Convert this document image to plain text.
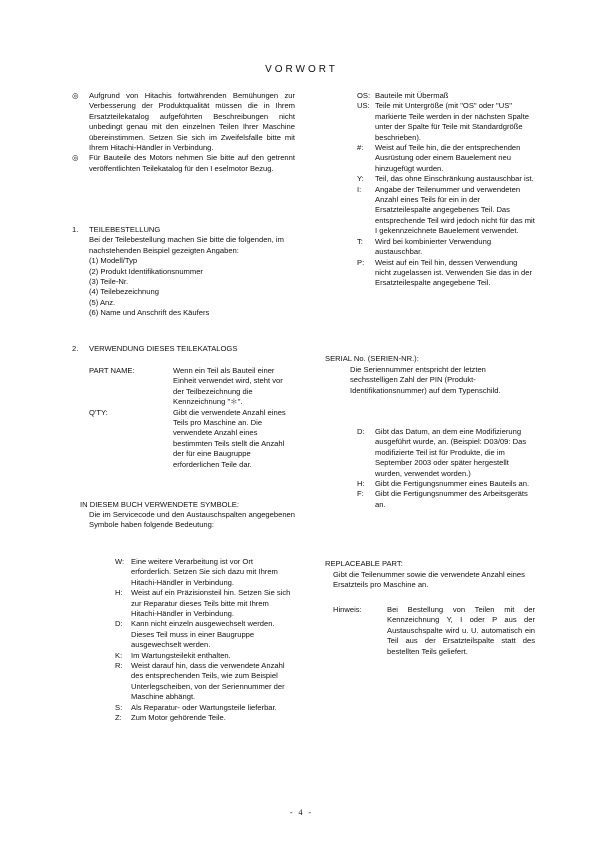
VORWORT
◎	Aufgrund von Hitachis fortwährenden Bemühungen zur Verbesserung der Produktqualität müssen die in Ihrem Ersatzteilekatalog aufgeführten Beschreibungen nicht unbedingt genau mit den einzelnen Teilen Ihrer Maschine übereinstimmen. Setzen Sie sich im Zweifelsfalle bitte mit Ihrem Hitachi-Händler in Verbindung.
◎	Für Bauteile des Motors nehmen Sie bitte auf den getrennt veröffentlichten Teilekatalog für den I eselmotor Bezug.
1.	TEILEBESTELLUNG
Bei der Teilebestellung machen Sie bitte die folgenden, im nachstehenden Beispiel gezeigten Angaben:
(1) Modell/Typ
(2) Produkt Identifikationsnummer
(3) Teile-Nr.
(4) Teilebezeichnung
(5) Anz.
(6) Name und Anschrift des Käufers
2.	VERWENDUNG DIESES TEILEKATALOGS
PART NAME:	Wenn ein Teil als Bauteil einer Einheit verwendet wird, steht vor der Teilbezeichnung die Kennzeichnung "＊".
Q'TY:	Gibt die verwendete Anzahl eines Teils pro Maschine an. Die verwendete Anzahl eines bestimmten Teils stellt die Anzahl der für eine Baugruppe erforderlichen Teile dar.
IN DIESEM BUCH VERWENDETE SYMBOLE:
Die im Servicecode und den Austauschspalten angegebenen Symbole haben folgende Bedeutung:
W: Eine weitere Verarbeitung ist vor Ort erforderlich. Setzen Sie sich dazu mit Ihrem Hitachi-Händler in Verbindung.
H:	Weist auf ein Präzisionsteil hin. Setzen Sie sich zur Reparatur dieses Teils bitte mit Ihrem Hitachi-Händler in Verbindung.
D:	Kann nicht einzeln ausgewechselt werden. Dieses Teil muss in einer Baugruppe ausgewechselt werden.
K:	Im Wartungsteilekit enthalten.
R:	Weist darauf hin, dass die verwendete Anzahl des entsprechenden Teils, wie zum Beispiel Unterlegscheiben, von der Seriennummer der Maschine abhängt.
S:	Als Reparatur- oder Wartungsteile lieferbar.
Z:	Zum Motor gehörende Teile.
OS: Bauteile mit Übermaß
US: Teile mit Untergröße (mit "OS" oder "US" markierte Teile werden in der nächsten Spalte unter der Spalte für Teile mit Standardgröße beschrieben).
#:	Weist auf Teile hin, die der entsprechenden Ausrüstung oder einem Bauelement neu hinzugefügt wurden.
Y:	Teil, das ohne Einschränkung austauschbar ist.
I:	Angabe der Teilenummer und verwendeten Anzahl eines Teils für ein in der Ersatzteilespalte angegebenes Teil. Das entsprechende Teil wird jedoch nicht für das mit I gekennzeichnete Bauelement verwendet.
T:	Wird bei kombinierter Verwendung austauschbar.
P:	Weist auf ein Teil hin, dessen Verwendung nicht zugelassen ist. Verwenden Sie das in der Ersatzteilespalte angegebene Teil.
SERIAL No. (SERIEN-NR.):
Die Seriennummer entspricht der letzten sechsstelligen Zahl der PIN (Produkt-Identifikationsnummer) auf dem Typenschild.
D:	Gibt das Datum, an dem eine Modifizierung ausgeführt wurde, an. (Beispiel: D03/09: Das modifizierte Teil ist für Produkte, die im September 2003 oder später hergestellt wurden, verwendet worden.)
H:	Gibt die Fertigungsnummer eines Bauteils an.
F:	Gibt die Fertigungsnummer des Arbeitsgeräts an.
REPLACEABLE PART:
Gibt die Teilenummer sowie die verwendete Anzahl eines Ersatzteils pro Maschine an.
Hinweis:	Bei Bestellung von Teilen mit der Kennzeichnung Y, I oder P aus der Austauschspalte wird u. U. automatisch ein Teil aus der Ersatzteilspalte statt des bestellten Teils geliefert.
- 4 -
